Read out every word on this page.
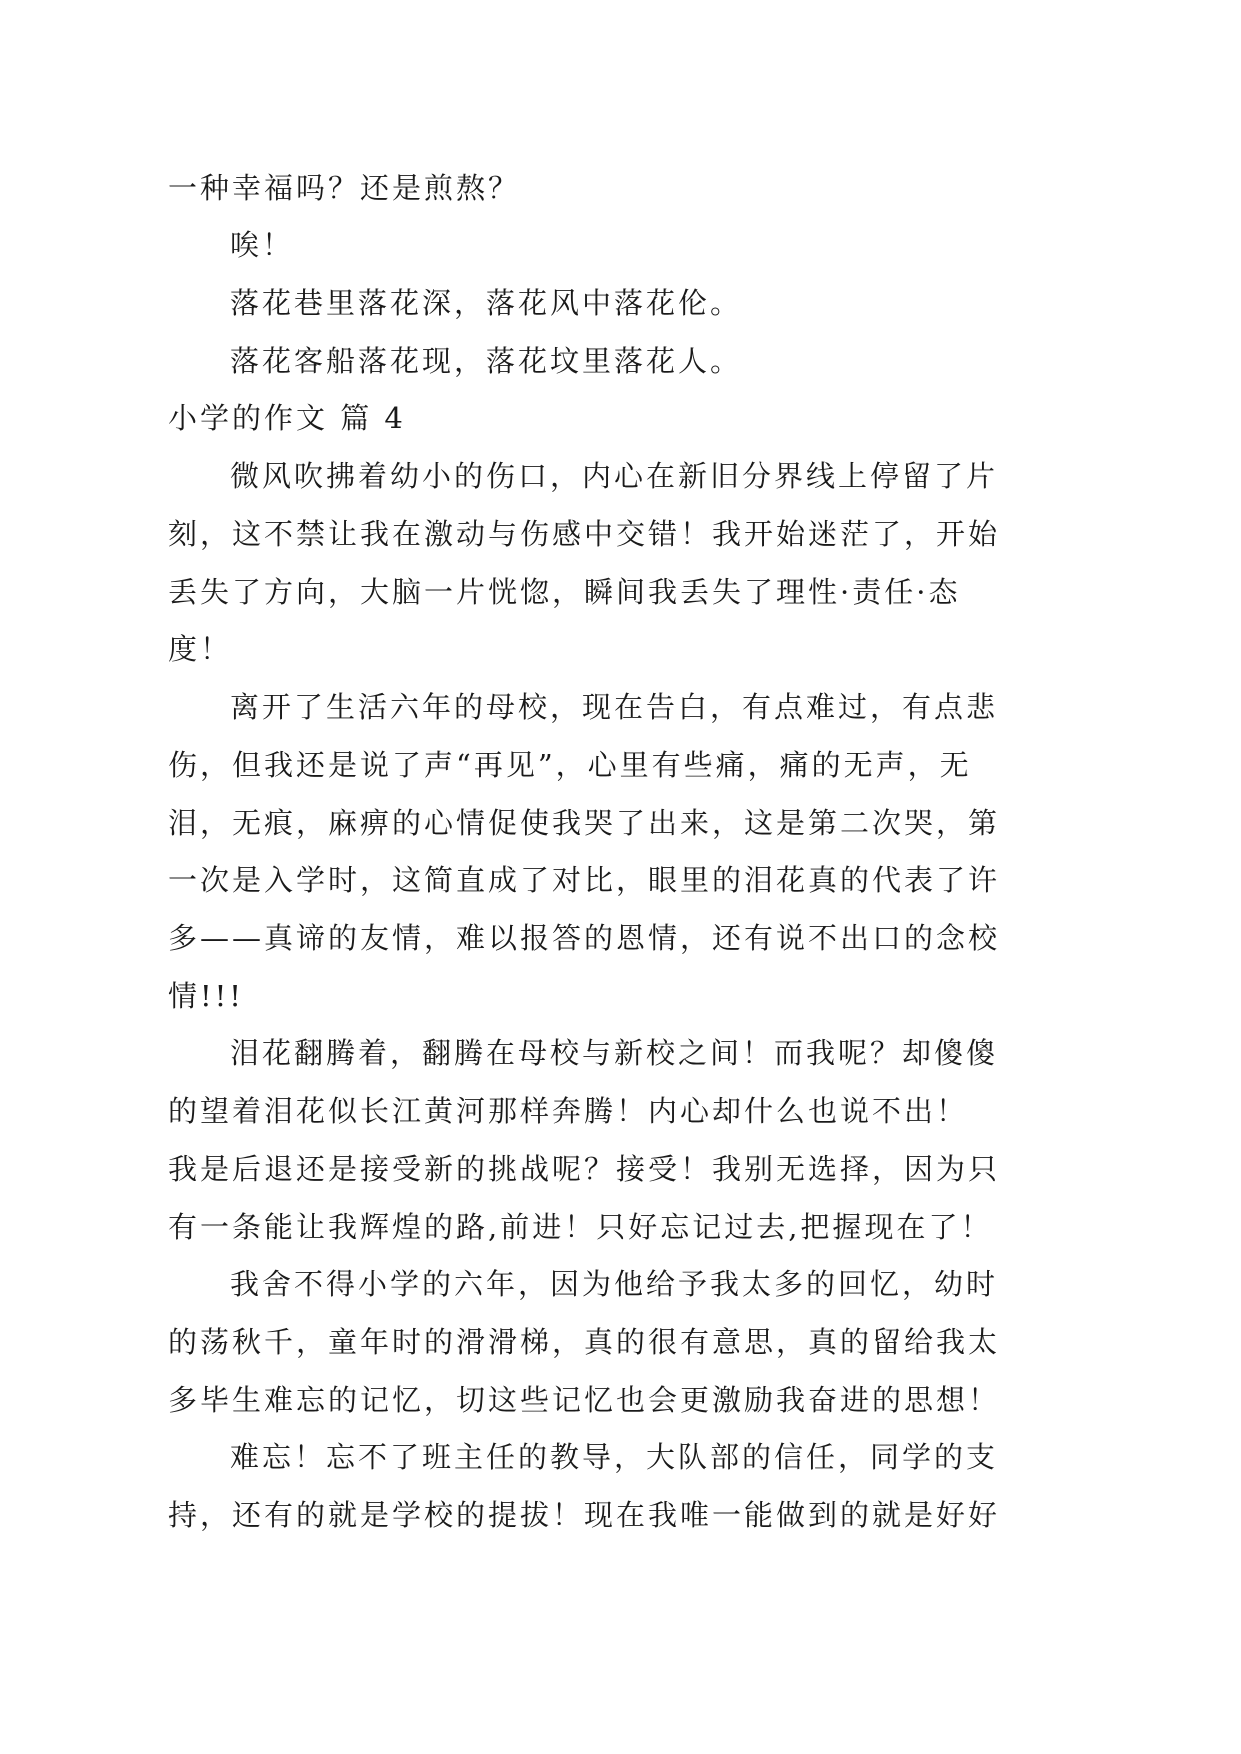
一种幸福吗？还是煎熬？
唉！
落花巷里落花深，落花风中落花伦。
落花客船落花现，落花坟里落花人。
小学的作文 篇 4
微风吹拂着幼小的伤口，内心在新旧分界线上停留了片
刻，这不禁让我在激动与伤感中交错！我开始迷茫了，开始
丢失了方向，大脑一片恍惚，瞬间我丢失了理性·责任·态
度！
离开了生活六年的母校，现在告白，有点难过，有点悲
伤，但我还是说了声“再见”，心里有些痛，痛的无声，无
泪，无痕，麻痹的心情促使我哭了出来，这是第二次哭，第
一次是入学时，这简直成了对比，眼里的泪花真的代表了许
多——真谛的友情，难以报答的恩情，还有说不出口的念校
情!!!
泪花翻腾着，翻腾在母校与新校之间！而我呢？却傻傻
的望着泪花似长江黄河那样奔腾！内心却什么也说不出！
我是后退还是接受新的挑战呢？接受！我别无选择，因为只
有一条能让我辉煌的路,前进！只好忘记过去,把握现在了！
我舍不得小学的六年，因为他给予我太多的回忆，幼时
的荡秋千，童年时的滑滑梯，真的很有意思，真的留给我太
多毕生难忘的记忆，切这些记忆也会更激励我奋进的思想！
难忘！忘不了班主任的教导，大队部的信任，同学的支
持，还有的就是学校的提拔！现在我唯一能做到的就是好好
